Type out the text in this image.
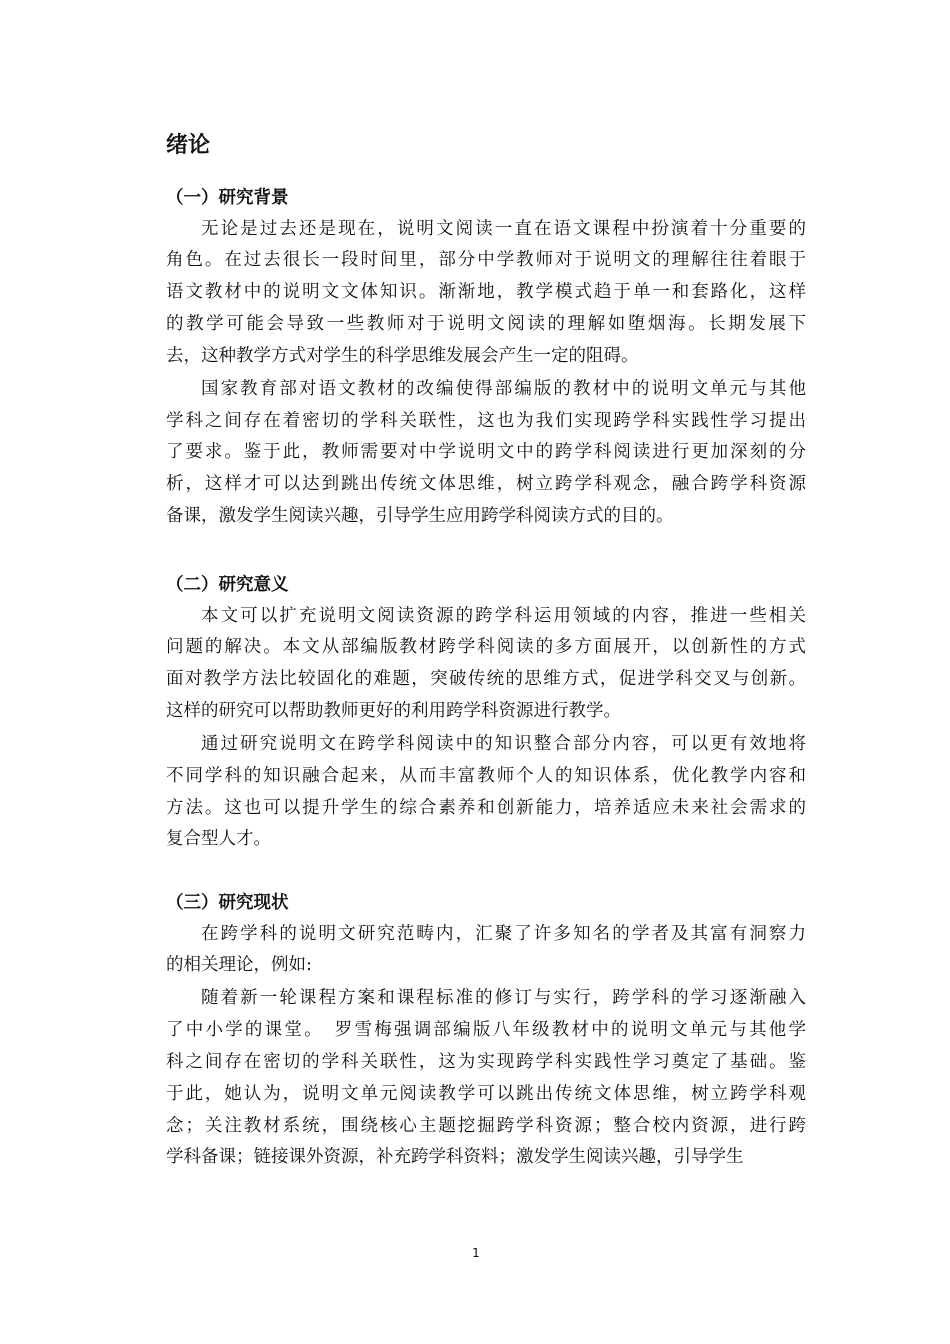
绪论
（一）研究背景

无论是过去还是现在，说明文阅读一直在语文课程中扮演着十分重要的

角色。在过去很长一段时间里，部分中学教师对于说明文的理解往往着眼于

语文教材中的说明文文体知识。渐渐地，教学模式趋于单一和套路化，这样

的教学可能会导致一些教师对于说明文阅读的理解如堕烟海。长期发展下

去，这种教学方式对学生的科学思维发展会产生一定的阻碍。

国家教育部对语文教材的改编使得部编版的教材中的说明文单元与其他

学科之间存在着密切的学科关联性，这也为我们实现跨学科实践性学习提出

了要求。鉴于此，教师需要对中学说明文中的跨学科阅读进行更加深刻的分

析，这样才可以达到跳出传统文体思维，树立跨学科观念，融合跨学科资源

备课，激发学生阅读兴趣，引导学生应用跨学科阅读方式的目的。

（二）研究意义

本文可以扩充说明文阅读资源的跨学科运用领域的内容，推进一些相关

问题的解决。本文从部编版教材跨学科阅读的多方面展开，以创新性的方式

面对教学方法比较固化的难题，突破传统的思维方式，促进学科交叉与创新。

这样的研究可以帮助教师更好的利用跨学科资源进行教学。

通过研究说明文在跨学科阅读中的知识整合部分内容，可以更有效地将

不同学科的知识融合起来，从而丰富教师个人的知识体系，优化教学内容和

方法。这也可以提升学生的综合素养和创新能力，培养适应未来社会需求的

复合型人才。

（三）研究现状

在跨学科的说明文研究范畴内，汇聚了许多知名的学者及其富有洞察力

的相关理论，例如:

随着新一轮课程方案和课程标准的修订与实行，跨学科的学习逐渐融入

了中小学的课堂。　罗雪梅强调部编版八年级教材中的说明文单元与其他学

科之间存在密切的学科关联性，这为实现跨学科实践性学习奠定了基础。鉴

于此，她认为，说明文单元阅读教学可以跳出传统文体思维，树立跨学科观

念；关注教材系统，围绕核心主题挖掘跨学科资源；整合校内资源，进行跨

学科备课；链接课外资源，补充跨学科资料；激发学生阅读兴趣，引导学生

1
